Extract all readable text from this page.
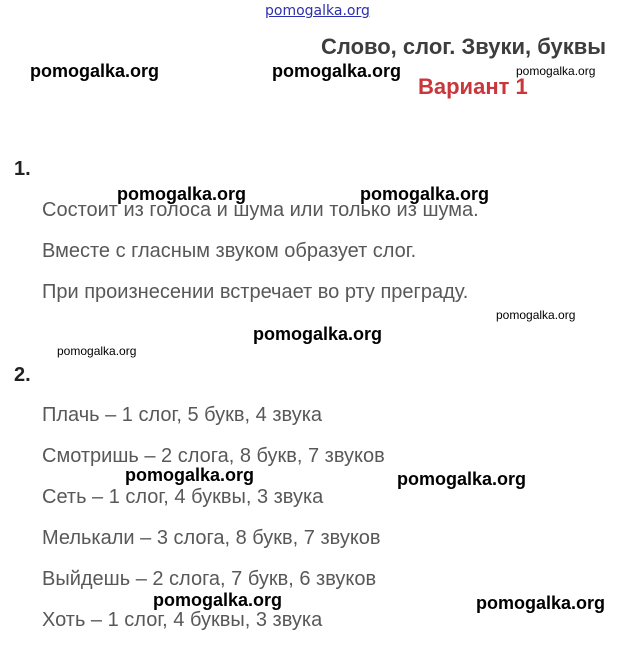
pomogalka.org
Слово, слог. Звуки, буквы
Вариант 1
1.
Состоит из голоса и шума или только из шума.
Вместе с гласным звуком образует слог.
При произнесении встречает во рту преграду.
2.
Плачь – 1 слог, 5 букв, 4 звука
Смотришь – 2 слога, 8 букв, 7 звуков
Сеть – 1 слог, 4 буквы, 3 звука
Мелькали – 3 слога, 8 букв, 7 звуков
Выйдешь – 2 слога, 7 букв, 6 звуков
Хоть – 1 слог, 4 буквы, 3 звука
pomogalka.org	pomogalka.org	pomogalka.org
pomogalka.org	pomogalka.org
pomogalka.org
pomogalka.org
pomogalka.org
pomogalka.org	pomogalka.org
pomogalka.org	pomogalka.org
